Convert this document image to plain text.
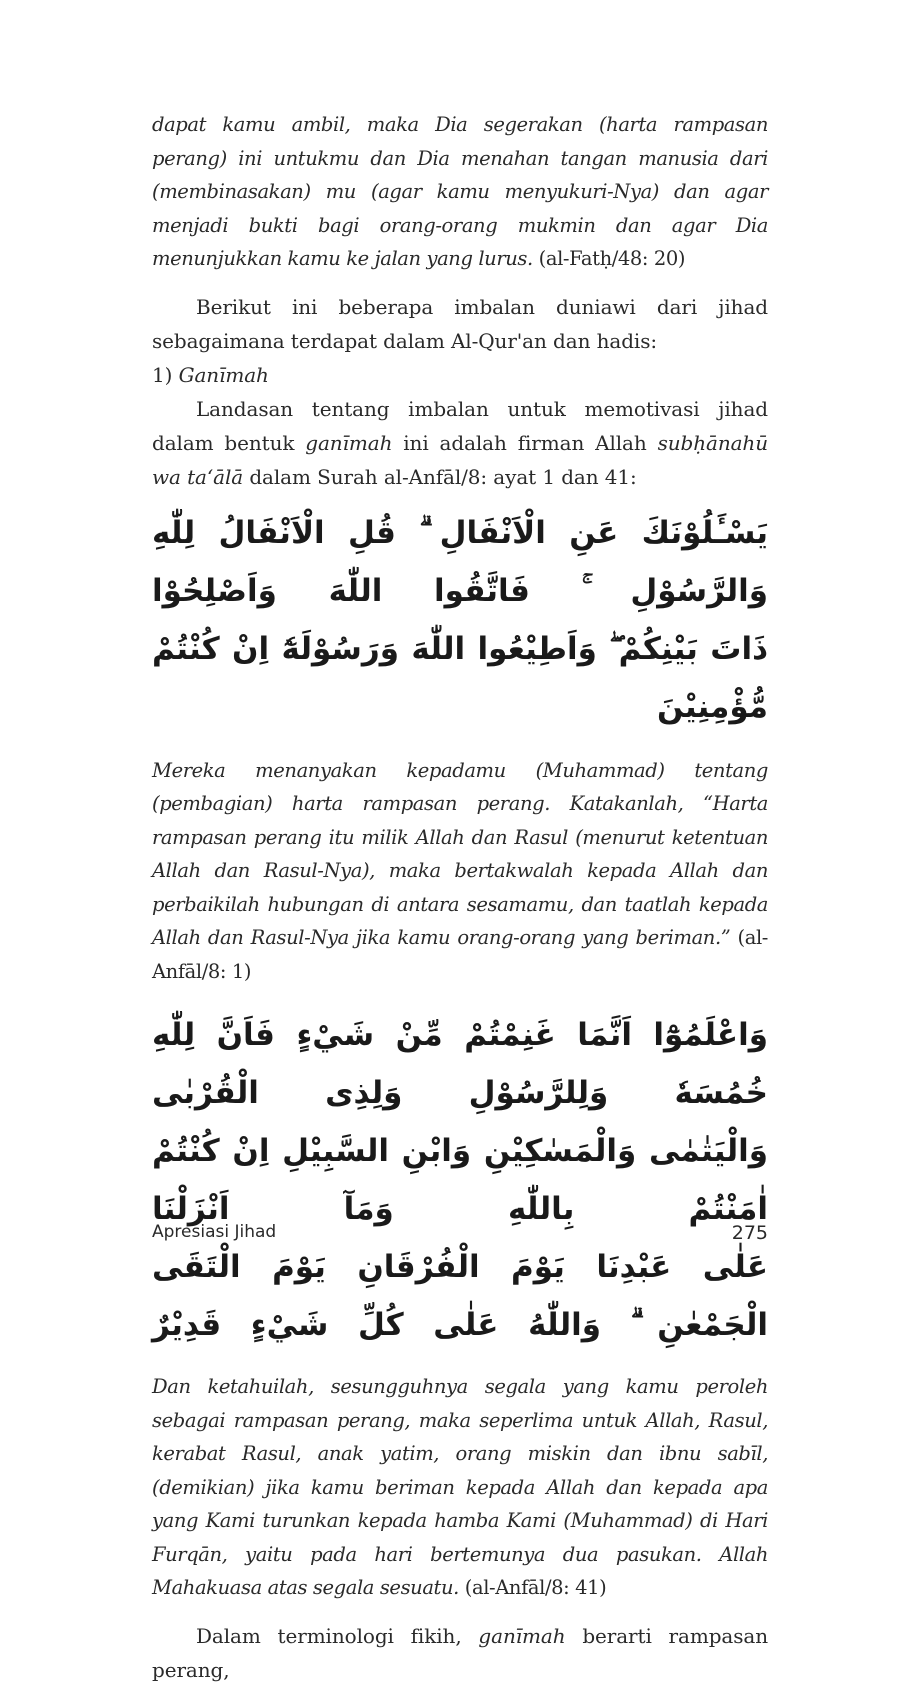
dapat kamu ambil, maka Dia segerakan (harta rampasan perang) ini untukmu dan Dia menahan tangan manusia dari (membinasakan) mu (agar kamu menyukuri-Nya) dan agar menjadi bukti bagi orang-orang mukmin dan agar Dia menunjukkan kamu ke jalan yang lurus. (al-Fatḥ/48: 20)

Berikut ini beberapa imbalan duniawi dari jihad sebagaimana terdapat dalam Al-Qur'an dan hadis:

1) Ganīmah

Landasan tentang imbalan untuk memotivasi jihad dalam bentuk ganīmah ini adalah firman Allah subḥānahū wa ta‘ālā dalam Surah al-Anfāl/8: ayat 1 dan 41:

يَسْـَٔلُوْنَكَ عَنِ الْاَنْفَالِ ۗ قُلِ الْاَنْفَالُ لِلّٰهِ وَالرَّسُوْلِ ۚ فَاتَّقُوا اللّٰهَ وَاَصْلِحُوْا
ذَاتَ بَيْنِكُمْ ۖ وَاَطِيْعُوا اللّٰهَ وَرَسُوْلَهٗٓ اِنْ كُنْتُمْ مُّؤْمِنِيْنَ

Mereka menanyakan kepadamu (Muhammad) tentang (pembagian) harta rampasan perang. Katakanlah, “Harta rampasan perang itu milik Allah dan Rasul (menurut ketentuan Allah dan Rasul-Nya), maka bertakwalah kepada Allah dan perbaikilah hubungan di antara sesamamu, dan taatlah kepada Allah dan Rasul-Nya jika kamu orang-orang yang beriman.” (al-Anfāl/8: 1)

وَاعْلَمُوْٓا اَنَّمَا غَنِمْتُمْ مِّنْ شَيْءٍ فَاَنَّ لِلّٰهِ خُمُسَهٗ وَلِلرَّسُوْلِ وَلِذِى الْقُرْبٰى
وَالْيَتٰمٰى وَالْمَسٰكِيْنِ وَابْنِ السَّبِيْلِ اِنْ كُنْتُمْ اٰمَنْتُمْ بِاللّٰهِ وَمَآ اَنْزَلْنَا
عَلٰى عَبْدِنَا يَوْمَ الْفُرْقَانِ يَوْمَ الْتَقَى الْجَمْعٰنِ ۗ وَاللّٰهُ عَلٰى كُلِّ شَيْءٍ قَدِيْرٌ

Dan ketahuilah, sesungguhnya segala yang kamu peroleh sebagai rampasan perang, maka seperlima untuk Allah, Rasul, kerabat Rasul, anak yatim, orang miskin dan ibnu sabīl, (demikian) jika kamu beriman kepada Allah dan kepada apa yang Kami turunkan kepada hamba Kami (Muhammad) di Hari Furqān, yaitu pada hari bertemunya dua pasukan. Allah Mahakuasa atas segala sesuatu. (al-Anfāl/8: 41)

Dalam terminologi fikih, ganīmah berarti rampasan perang,

Apresiasi Jihad	275
